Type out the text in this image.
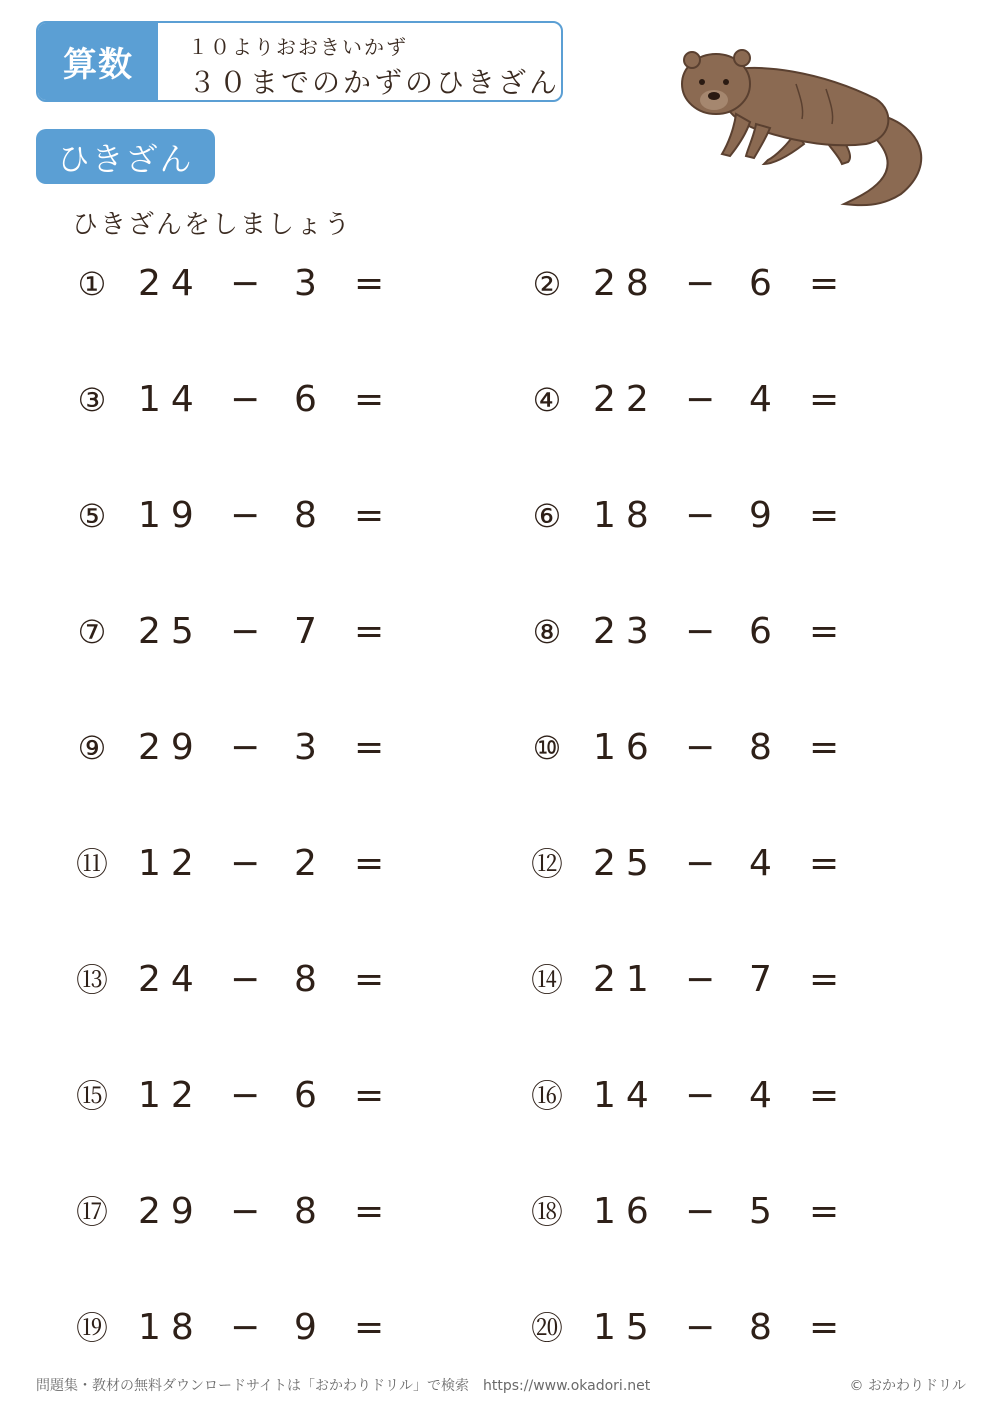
算数	１０よりおおきいかず
３０までのかずのひきざん
ひきざん
ひきざんをしましょう
① 24 − 3 =	② 28 − 6 =
③ 14 − 6 =	④ 22 − 4 =
⑤ 19 − 8 =	⑥ 18 − 9 =
⑦ 25 − 7 =	⑧ 23 − 6 =
⑨ 29 − 3 =	⑩ 16 − 8 =
⑪ 12 − 2 =	⑫ 25 − 4 =
⑬ 24 − 8 =	⑭ 21 − 7 =
⑮ 12 − 6 =	⑯ 14 − 4 =
⑰ 29 − 8 =	⑱ 16 − 5 =
⑲ 18 − 9 =	⑳ 15 − 8 =
問題集・教材の無料ダウンロードサイトは「おかわりドリル」で検索　https://www.okadori.net	© おかわりドリル
